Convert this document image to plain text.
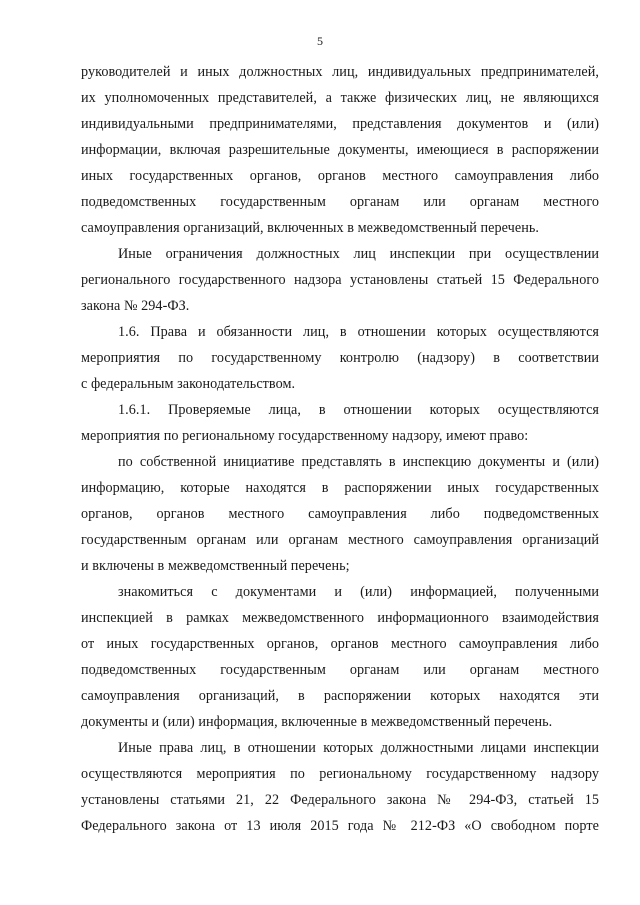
5
руководителей и иных должностных лиц, индивидуальных предпринимателей,
их уполномоченных представителей, а также физических лиц, не являющихся
индивидуальными предпринимателями, представления документов и (или)
информации, включая разрешительные документы, имеющиеся в распоряжении
иных государственных органов, органов местного самоуправления либо
подведомственных государственным органам или органам местного
самоуправления организаций, включенных в межведомственный перечень.
Иные ограничения должностных лиц инспекции при осуществлении
регионального государственного надзора установлены статьей 15 Федерального
закона № 294-ФЗ.
1.6. Права и обязанности лиц, в отношении которых осуществляются
мероприятия по государственному контролю (надзору) в соответствии
с федеральным законодательством.
1.6.1. Проверяемые лица, в отношении которых осуществляются
мероприятия по региональному государственному надзору, имеют право:
по собственной инициативе представлять в инспекцию документы и (или)
информацию, которые находятся в распоряжении иных государственных
органов, органов местного самоуправления либо подведомственных
государственным органам или органам местного самоуправления организаций
и включены в межведомственный перечень;
знакомиться с документами и (или) информацией, полученными
инспекцией в рамках межведомственного информационного взаимодействия
от иных государственных органов, органов местного самоуправления либо
подведомственных государственным органам или органам местного
самоуправления организаций, в распоряжении которых находятся эти
документы и (или) информация, включенные в межведомственный перечень.
Иные права лиц, в отношении которых должностными лицами инспекции
осуществляются мероприятия по региональному государственному надзору
установлены статьями 21, 22 Федерального закона № 294-ФЗ, статьей 15
Федерального закона от 13 июля 2015 года № 212-ФЗ «О свободном порте
